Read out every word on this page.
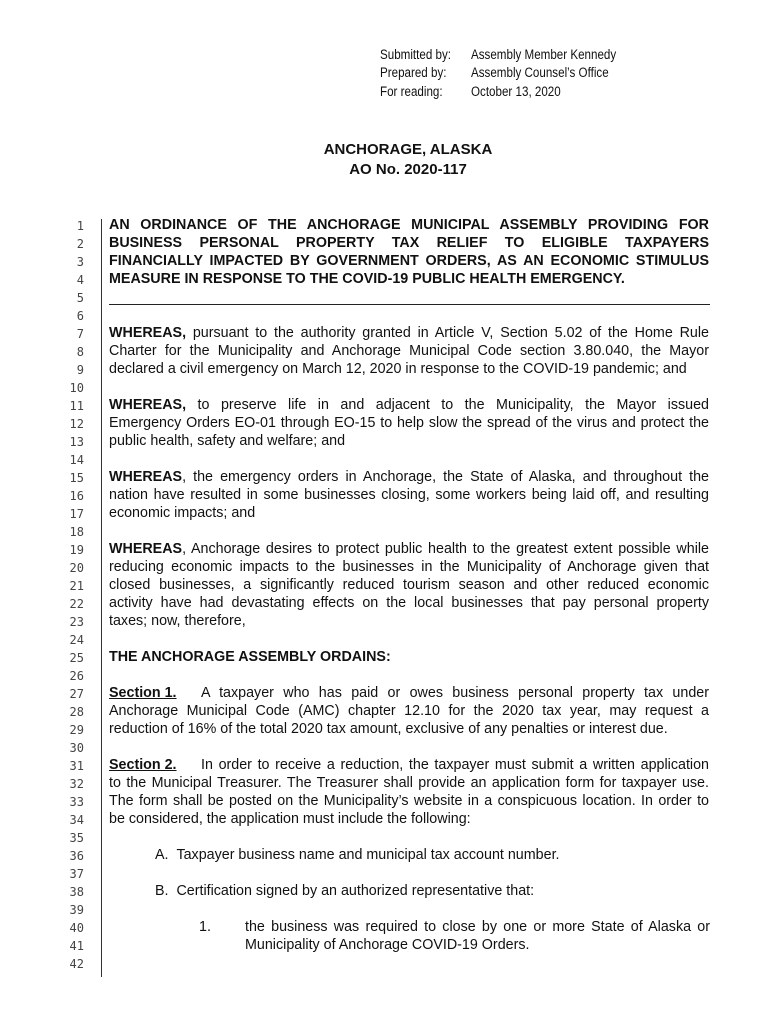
Submitted by: Assembly Member Kennedy
Prepared by: Assembly Counsel’s Office
For reading: October 13, 2020
ANCHORAGE, ALASKA
AO No. 2020-117
1
2
3
4
5
6
7
8
9
10
11
12
13
14
15
16
17
18
19
20
21
22
23
24
25
26
27
28
29
30
31
32
33
34
35
36
37
38
39
40
41
42
AN ORDINANCE OF THE ANCHORAGE MUNICIPAL ASSEMBLY PROVIDING FOR
BUSINESS PERSONAL PROPERTY TAX RELIEF TO ELIGIBLE TAXPAYERS
FINANCIALLY IMPACTED BY GOVERNMENT ORDERS, AS AN ECONOMIC STIMULUS
MEASURE IN RESPONSE TO THE COVID-19 PUBLIC HEALTH EMERGENCY.
WHEREAS, pursuant to the authority granted in Article V, Section 5.02 of the Home Rule
Charter for the Municipality and Anchorage Municipal Code section 3.80.040, the Mayor
declared a civil emergency on March 12, 2020 in response to the COVID-19 pandemic; and
WHEREAS, to preserve life in and adjacent to the Municipality, the Mayor issued
Emergency Orders EO-01 through EO-15 to help slow the spread of the virus and protect the
public health, safety and welfare; and
WHEREAS, the emergency orders in Anchorage, the State of Alaska, and throughout the
nation have resulted in some businesses closing, some workers being laid off, and resulting
economic impacts; and
WHEREAS, Anchorage desires to protect public health to the greatest extent possible while
reducing economic impacts to the businesses in the Municipality of Anchorage given that
closed businesses, a significantly reduced tourism season and other reduced economic
activity have had devastating effects on the local businesses that pay personal property
taxes; now, therefore,
THE ANCHORAGE ASSEMBLY ORDAINS:
Section 1.	A taxpayer who has paid or owes business personal property tax under
Anchorage Municipal Code (AMC) chapter 12.10 for the 2020 tax year, may request a
reduction of 16% of the total 2020 tax amount, exclusive of any penalties or interest due.
Section 2.	In order to receive a reduction, the taxpayer must submit a written application
to the Municipal Treasurer. The Treasurer shall provide an application form for taxpayer use.
The form shall be posted on the Municipality’s website in a conspicuous location. In order to
be considered, the application must include the following:
A.  Taxpayer business name and municipal tax account number.
B.  Certification signed by an authorized representative that:
1. the business was required to close by one or more State of Alaska or
Municipality of Anchorage COVID-19 Orders.
